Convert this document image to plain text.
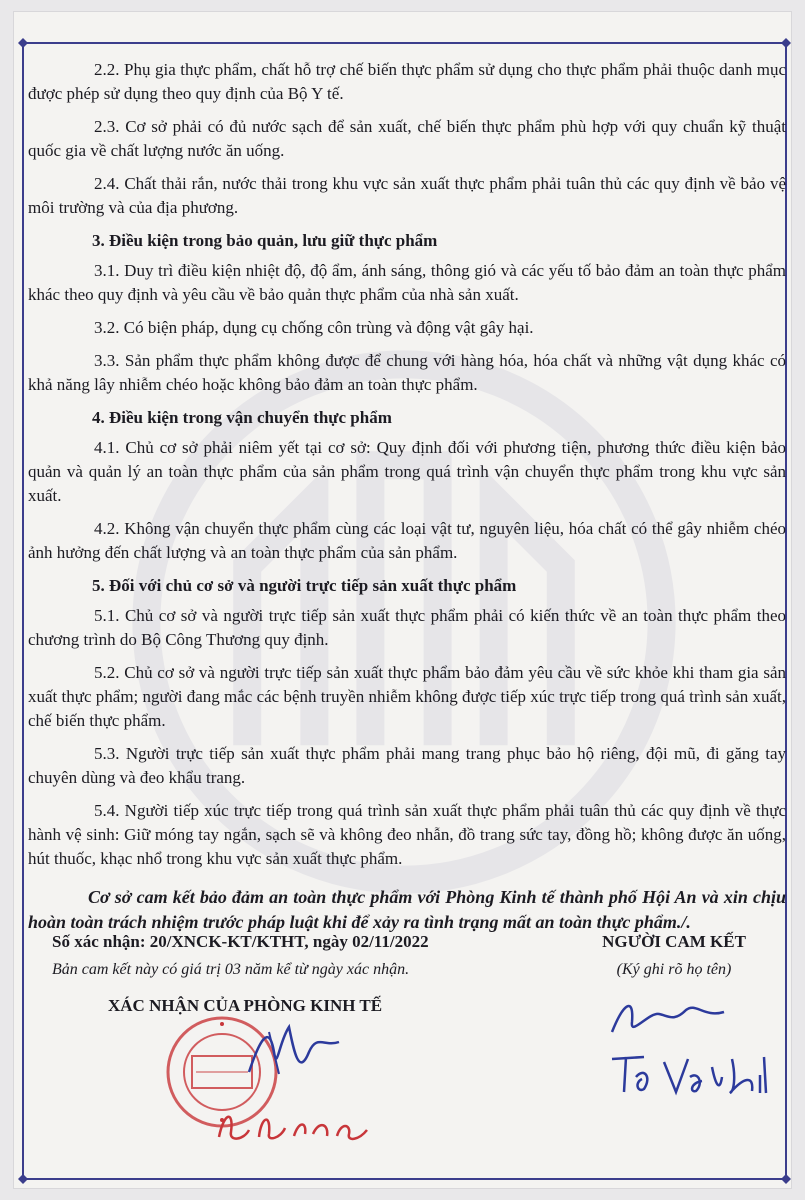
2.2. Phụ gia thực phẩm, chất hỗ trợ chế biến thực phẩm sử dụng cho thực phẩm phải thuộc danh mục được phép sử dụng theo quy định của Bộ Y tế.

2.3. Cơ sở phải có đủ nước sạch để sản xuất, chế biến thực phẩm phù hợp với quy chuẩn kỹ thuật quốc gia về chất lượng nước ăn uống.

2.4. Chất thải rắn, nước thải trong khu vực sản xuất thực phẩm phải tuân thủ các quy định về bảo vệ môi trường và của địa phương.

3. Điều kiện trong bảo quản, lưu giữ thực phẩm

3.1. Duy trì điều kiện nhiệt độ, độ ẩm, ánh sáng, thông gió và các yếu tố bảo đảm an toàn thực phẩm khác theo quy định và yêu cầu về bảo quản thực phẩm của nhà sản xuất.

3.2. Có biện pháp, dụng cụ chống côn trùng và động vật gây hại.

3.3. Sản phẩm thực phẩm không được để chung với hàng hóa, hóa chất và những vật dụng khác có khả năng lây nhiễm chéo hoặc không bảo đảm an toàn thực phẩm.

4. Điều kiện trong vận chuyển thực phẩm

4.1. Chủ cơ sở phải niêm yết tại cơ sở: Quy định đối với phương tiện, phương thức điều kiện bảo quản và quản lý an toàn thực phẩm của sản phẩm trong quá trình vận chuyển thực phẩm trong khu vực sản xuất.

4.2. Không vận chuyển thực phẩm cùng các loại vật tư, nguyên liệu, hóa chất có thể gây nhiễm chéo ảnh hưởng đến chất lượng và an toàn thực phẩm của sản phẩm.

5. Đối với chủ cơ sở và người trực tiếp sản xuất thực phẩm

5.1. Chủ cơ sở và người trực tiếp sản xuất thực phẩm phải có kiến thức về an toàn thực phẩm theo chương trình do Bộ Công Thương quy định.

5.2. Chủ cơ sở và người trực tiếp sản xuất thực phẩm bảo đảm yêu cầu về sức khỏe khi tham gia sản xuất thực phẩm; người đang mắc các bệnh truyền nhiễm không được tiếp xúc trực tiếp trong quá trình sản xuất, chế biến thực phẩm.

5.3. Người trực tiếp sản xuất thực phẩm phải mang trang phục bảo hộ riêng, đội mũ, đi găng tay chuyên dùng và đeo khẩu trang.

5.4. Người tiếp xúc trực tiếp trong quá trình sản xuất thực phẩm phải tuân thủ các quy định về thực hành vệ sinh: Giữ móng tay ngắn, sạch sẽ và không đeo nhẫn, đồ trang sức tay, đồng hồ; không được ăn uống, hút thuốc, khạc nhổ trong khu vực sản xuất thực phẩm.

Cơ sở cam kết bảo đảm an toàn thực phẩm với Phòng Kinh tế thành phố Hội An và xin chịu hoàn toàn trách nhiệm trước pháp luật khi để xảy ra tình trạng mất an toàn thực phẩm./.

Số xác nhận: 20/XNCK-KT/KTHT, ngày 02/11/2022
Bản cam kết này có giá trị 03 năm kể từ ngày xác nhận.
NGƯỜI CAM KẾT
(Ký ghi rõ họ tên)
XÁC NHẬN CỦA PHÒNG KINH TẾ
